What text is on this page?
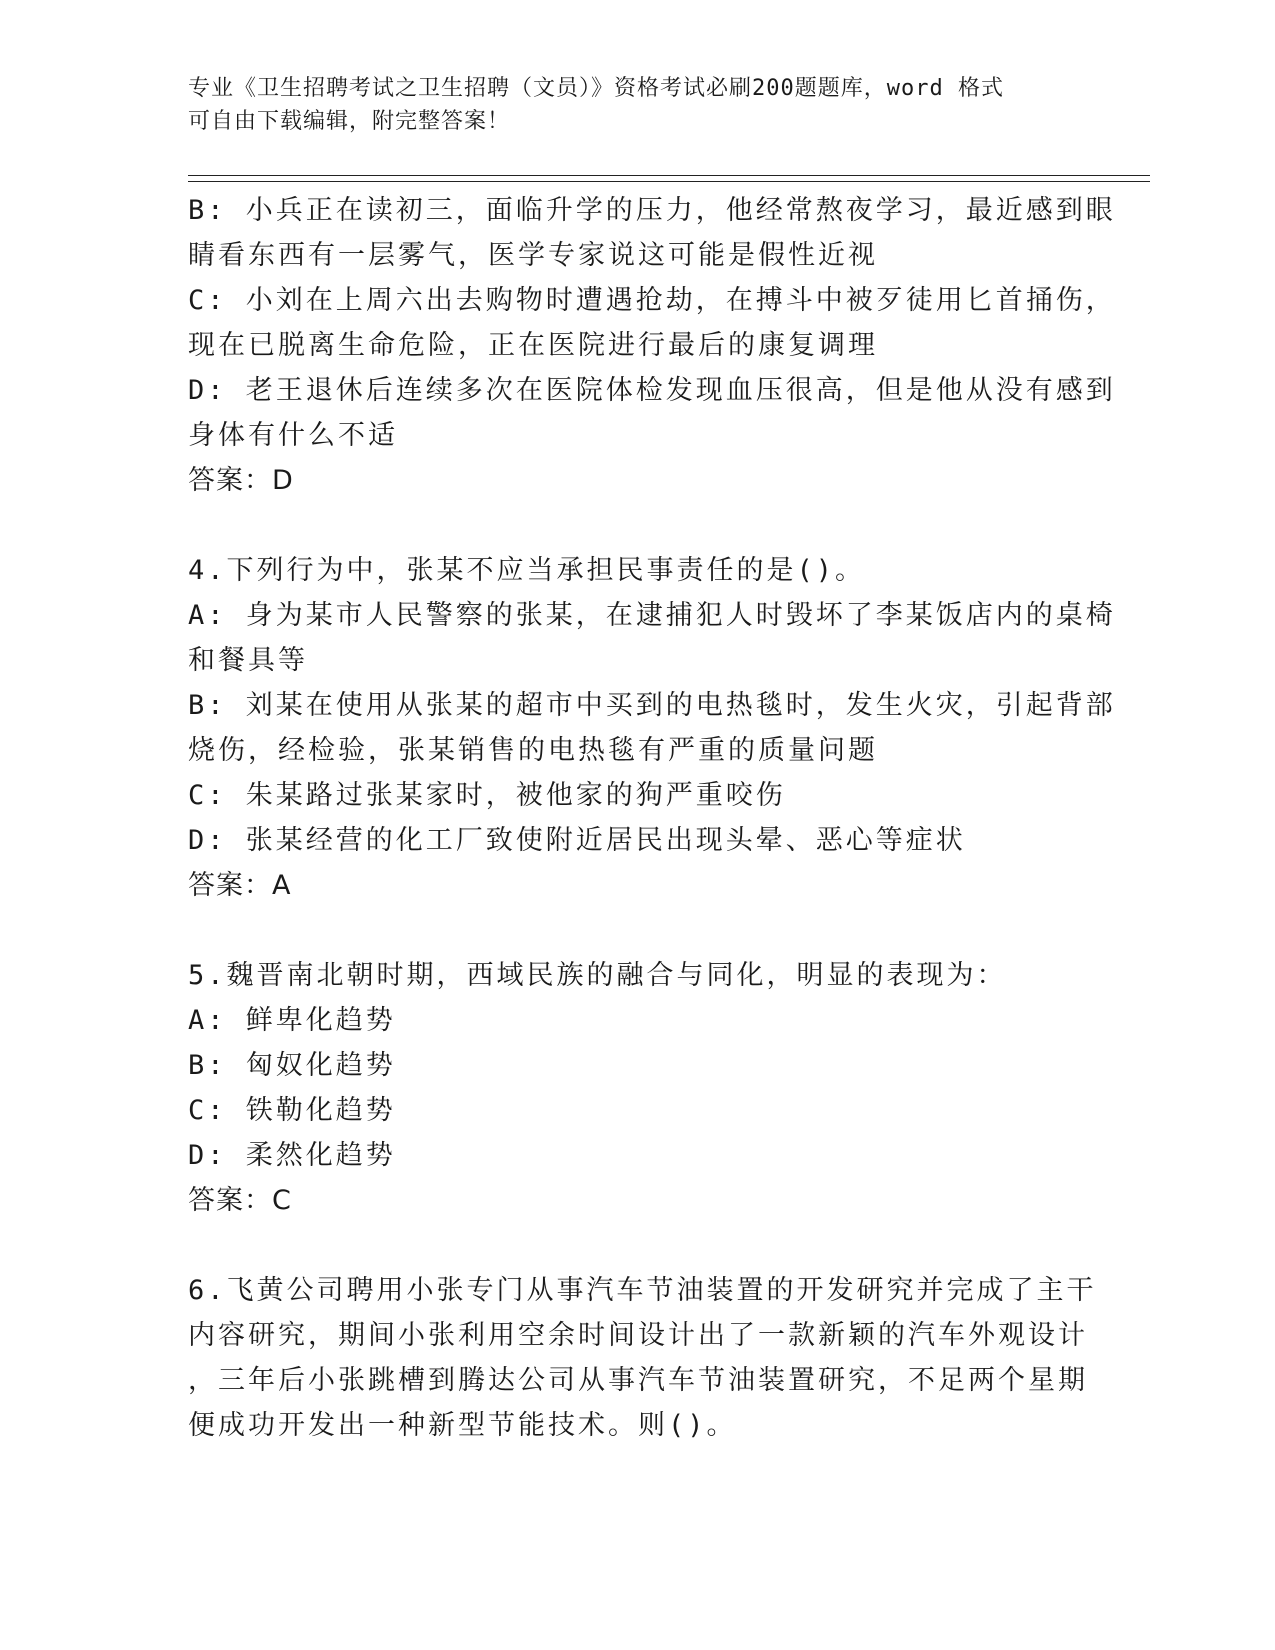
专业《卫生招聘考试之卫生招聘（文员）》资格考试必刷200题题库，word 格式
可自由下载编辑，附完整答案！
B: 小兵正在读初三，面临升学的压力，他经常熬夜学习，最近感到眼
睛看东西有一层雾气，医学专家说这可能是假性近视
C: 小刘在上周六出去购物时遭遇抢劫，在搏斗中被歹徒用匕首捅伤，
现在已脱离生命危险，正在医院进行最后的康复调理
D: 老王退休后连续多次在医院体检发现血压很高，但是他从没有感到
身体有什么不适
答案：D
4.下列行为中，张某不应当承担民事责任的是()。
A: 身为某市人民警察的张某，在逮捕犯人时毁坏了李某饭店内的桌椅
和餐具等
B: 刘某在使用从张某的超市中买到的电热毯时，发生火灾，引起背部
烧伤，经检验，张某销售的电热毯有严重的质量问题
C: 朱某路过张某家时，被他家的狗严重咬伤
D: 张某经营的化工厂致使附近居民出现头晕、恶心等症状
答案：A
5.魏晋南北朝时期，西域民族的融合与同化，明显的表现为：
A: 鲜卑化趋势
B: 匈奴化趋势
C: 铁勒化趋势
D: 柔然化趋势
答案：C
6.飞黄公司聘用小张专门从事汽车节油装置的开发研究并完成了主干
内容研究，期间小张利用空余时间设计出了一款新颖的汽车外观设计
，三年后小张跳槽到腾达公司从事汽车节油装置研究，不足两个星期
便成功开发出一种新型节能技术。则()。
